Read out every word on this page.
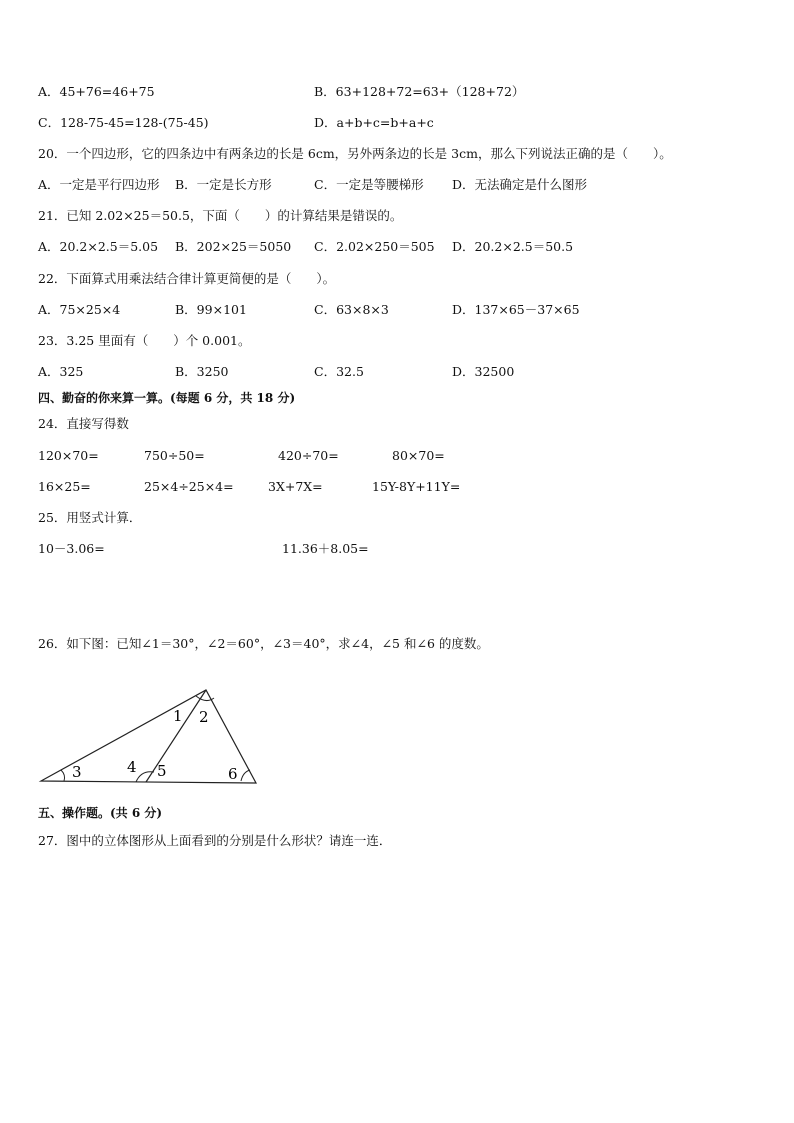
A．45+76=46+75	B．63+128+72=63+（128+72）
C．128-75-45=128-(75-45)	D．a+b+c=b+a+c
20．一个四边形，它的四条边中有两条边的长是 6cm，另外两条边的长是 3cm，那么下列说法正确的是（　　）。
A．一定是平行四边形 B．一定是长方形	C．一定是等腰梯形 D．无法确定是什么图形
21．已知 2.02×25＝50.5，下面（　　）的计算结果是错误的。
A．20.2×2.5＝5.05 B．202×25＝5050 C．2.02×250＝505 D．20.2×2.5＝50.5
22．下面算式用乘法结合律计算更简便的是（　　）。
A．75×25×4	B．99×101	C．63×8×3	D．137×65－37×65
23．3.25 里面有（　　）个 0.001。
A．325	B．3250	C．32.5	D．32500
四、勤奋的你来算一算。(每题 6 分，共 18 分)
24．直接写得数
120×70=	750÷50=	420÷70=	80×70=
16×25=	25×4÷25×4=	3X+7X=	15Y-8Y+11Y=
25．用竖式计算．
10－3.06=	11.36＋8.05=
26．如下图：已知∠1＝30°，∠2＝60°，∠3＝40°，求∠4，∠5 和∠6 的度数。
1 2
3	4 5	6
五、操作题。(共 6 分)
27．图中的立体图形从上面看到的分别是什么形状？请连一连．
